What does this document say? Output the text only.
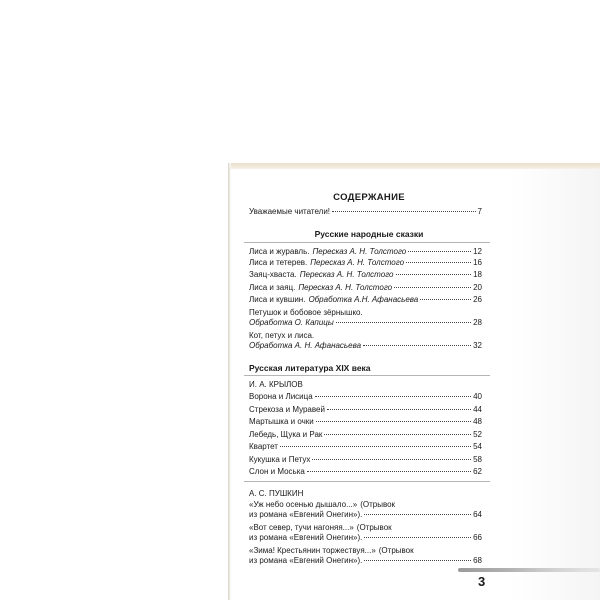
СОДЕРЖАНИЕ
Уважаемые читатели!	7
Русские народные сказки
Лиса и журавль. Пересказ А. Н. Толстого	12
Лиса и тетерев. Пересказ А. Н. Толстого	16
Заяц-хваста. Пересказ А. Н. Толстого	18
Лиса и заяц. Пересказ А. Н. Толстого	20
Лиса и кувшин. Обработка А.Н. Афанасьева	26
Петушок и бобовое зёрнышко.
Обработка О. Капицы	28
Кот, петух и лиса.
Обработка А. Н. Афанасьева	32
Русская литература XIX века
И. А. КРЫЛОВ
Ворона и Лисица	40
Стрекоза и Муравей	44
Мартышка и очки	48
Лебедь, Щука и Рак	52
Квартет	54
Кукушка и Петух	58
Слон и Моська	62
А. С. ПУШКИН
«Уж небо осенью дышало...» (Отрывок
из романа «Евгений Онегин»).	64
«Вот север, тучи нагоняя...» (Отрывок
из романа «Евгений Онегин»).	66
«Зима! Крестьянин торжествуя...» (Отрывок
из романа «Евгений Онегин»).	68
3
